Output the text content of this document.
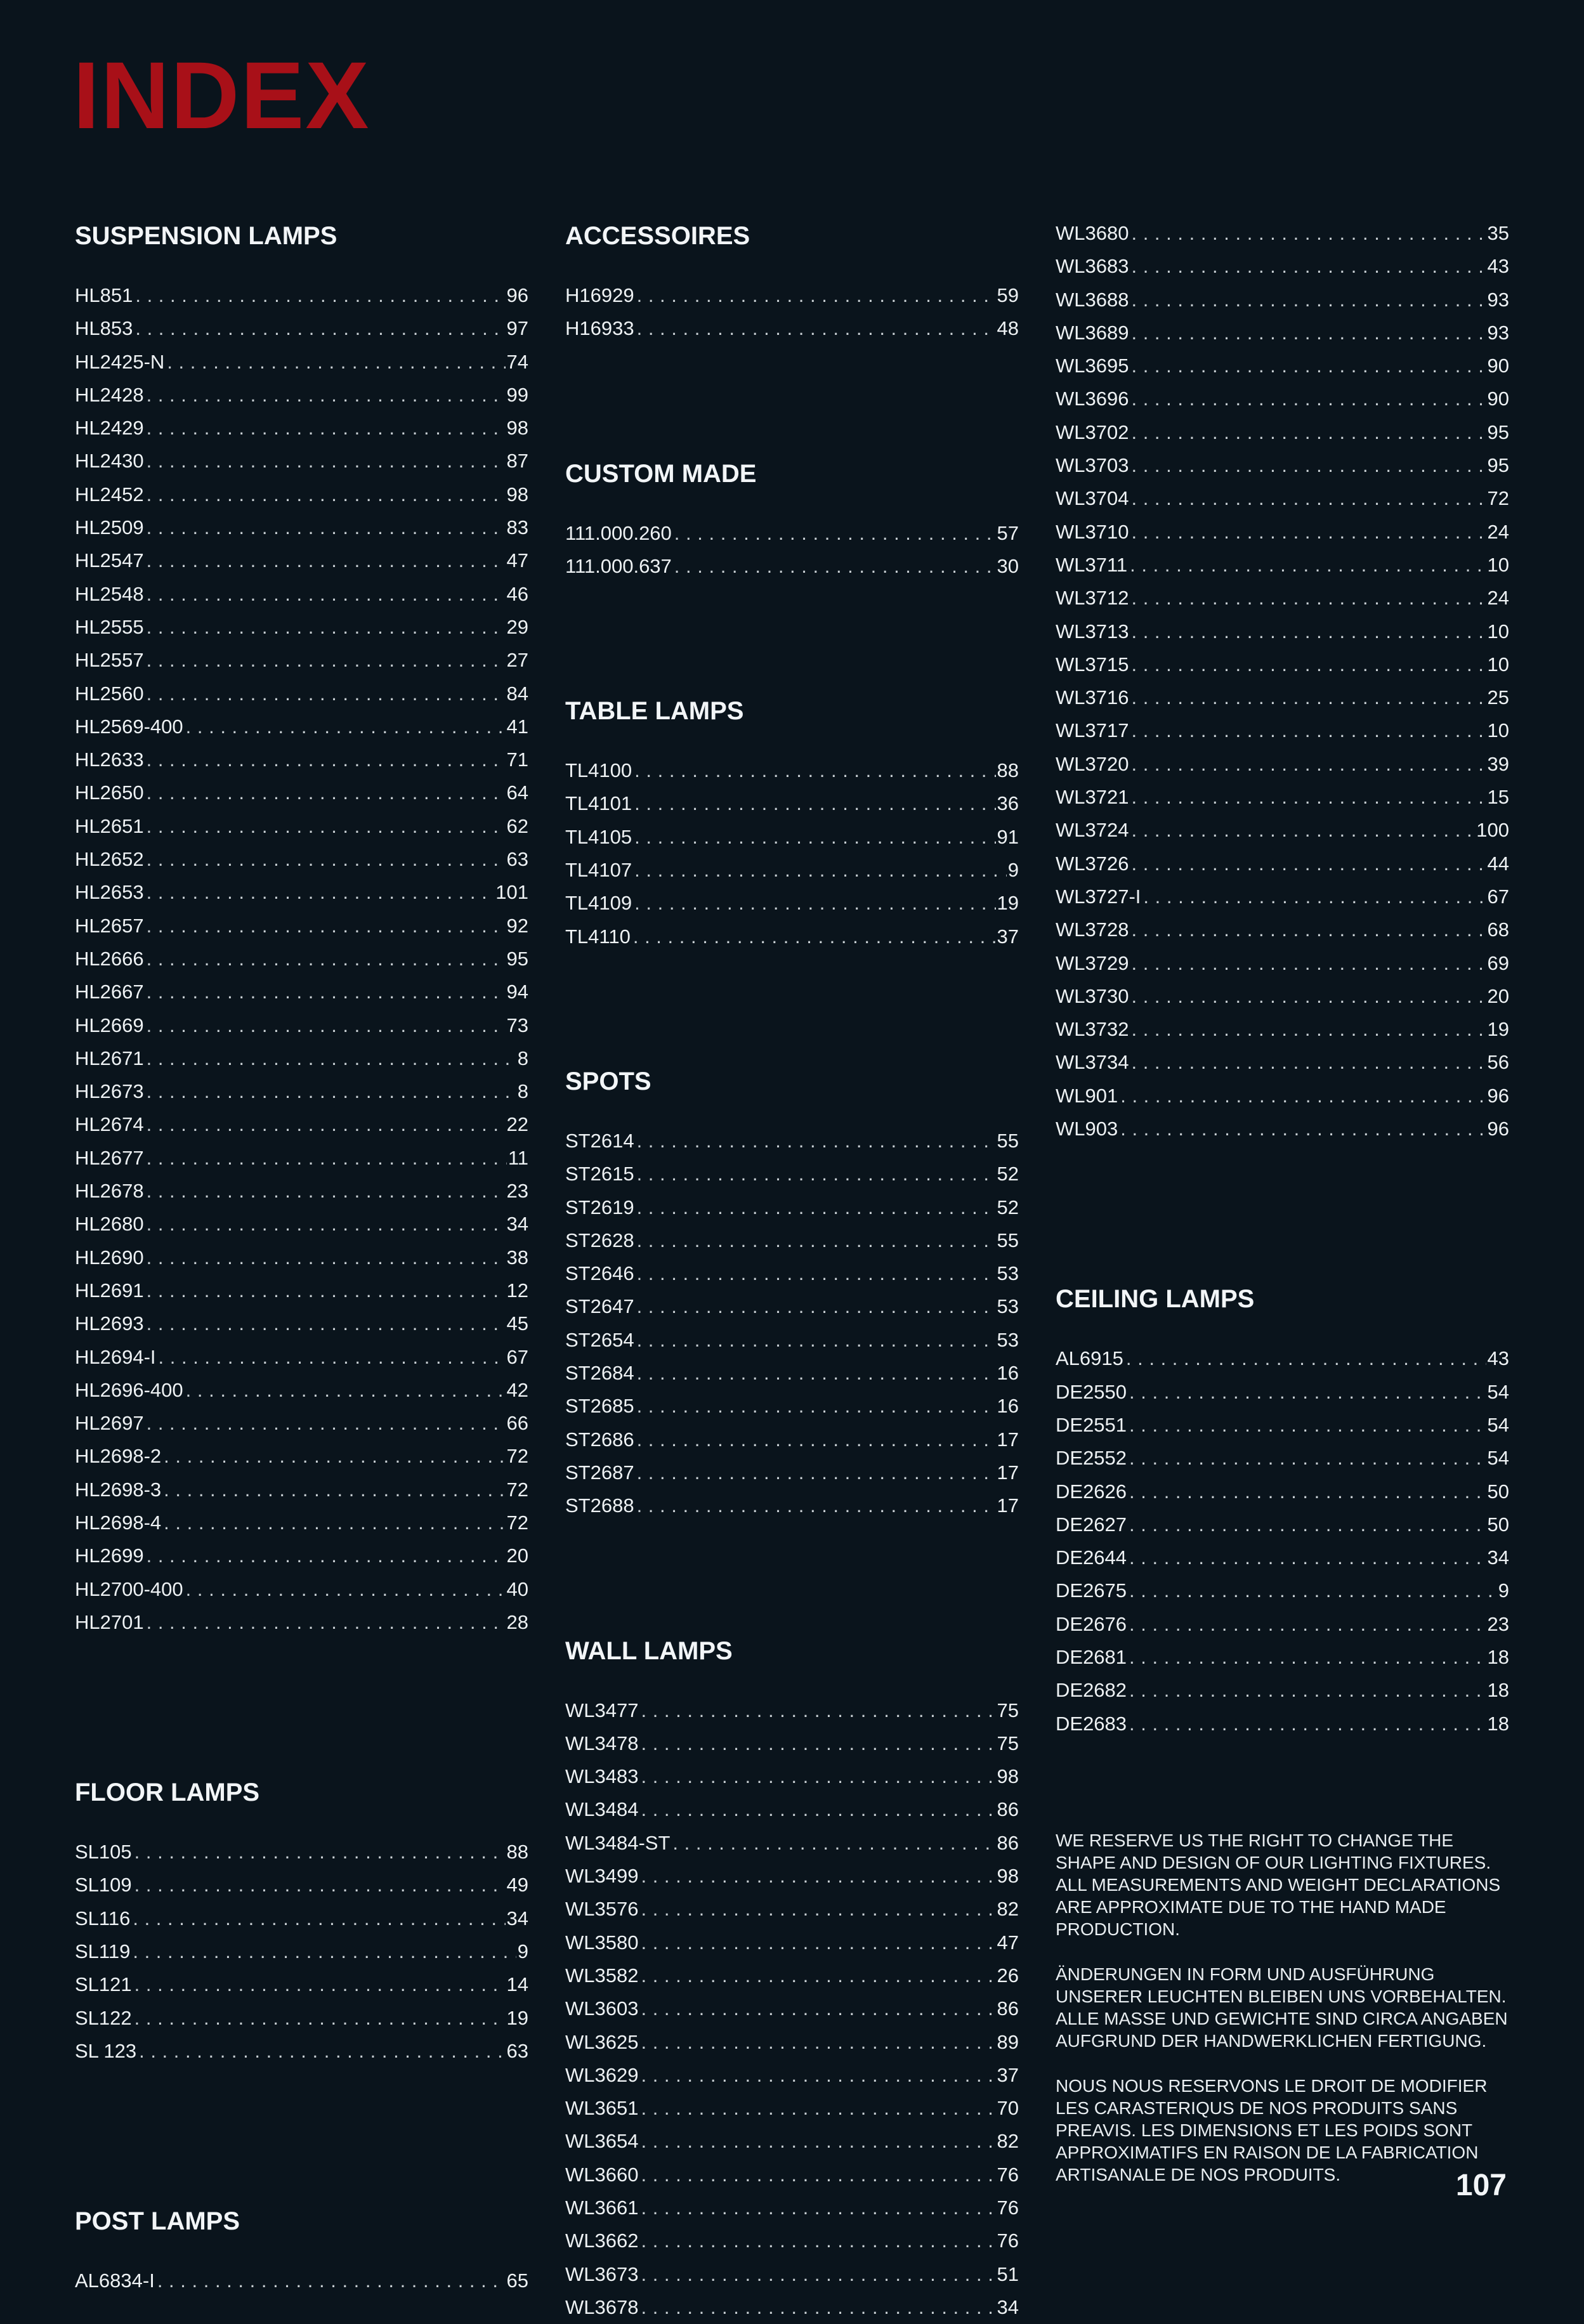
INDEX
SUSPENSION LAMPS
HL851 . . .	96
HL853 . . .	97
HL2425-N . . .	74
HL2428 . . .	99
HL2429 . . .	98
HL2430 . . .	87
HL2452 . . .	98
HL2509 . . .	83
HL2547 . . .	47
HL2548 . . .	46
HL2555 . . .	29
HL2557 . . .	27
HL2560 . . .	84
HL2569-400 . . .	41
HL2633 . . .	71
HL2650 . . .	64
HL2651 . . .	62
HL2652 . . .	63
HL2653 . . .	101
HL2657 . . .	92
HL2666 . . .	95
HL2667 . . .	94
HL2669 . . .	73
HL2671 . . .	8
HL2673 . . .	8
HL2674 . . .	22
HL2677 . . .	11
HL2678 . . .	23
HL2680 . . .	34
HL2690 . . .	38
HL2691 . . .	12
HL2693 . . .	45
HL2694-I . . .	67
HL2696-400 . . .	42
HL2697 . . .	66
HL2698-2 . . .	72
HL2698-3 . . .	72
HL2698-4 . . .	72
HL2699 . . .	20
HL2700-400 . . .	40
HL2701 . . .	28
FLOOR LAMPS
SL105 . . .	88
SL109 . . .	49
SL116 . . .	34
SL119 . . .	9
SL121 . . .	14
SL122 . . .	19
SL 123 . . .	63
POST LAMPS
AL6834-I . . .	65
ACCESSOIRES
H16929 . . .	59
H16933 . . .	48
CUSTOM MADE
111.000.260 . . .	57
111.000.637 . . .	30
TABLE LAMPS
TL4100 . . .	88
TL4101 . . .	36
TL4105 . . .	91
TL4107 . . .	9
TL4109 . . .	19
TL4110 . . .	37
SPOTS
ST2614 . . .	55
ST2615 . . .	52
ST2619 . . .	52
ST2628 . . .	55
ST2646 . . .	53
ST2647 . . .	53
ST2654 . . .	53
ST2684 . . .	16
ST2685 . . .	16
ST2686 . . .	17
ST2687 . . .	17
ST2688 . . .	17
WALL LAMPS
WL3477 . . .	75
WL3478 . . .	75
WL3483 . . .	98
WL3484 . . .	86
WL3484-ST . . .	86
WL3499 . . .	98
WL3576 . . .	82
WL3580 . . .	47
WL3582 . . .	26
WL3603 . . .	86
WL3625 . . .	89
WL3629 . . .	37
WL3651 . . .	70
WL3654 . . .	82
WL3660 . . .	76
WL3661 . . .	76
WL3662 . . .	76
WL3673 . . .	51
WL3678 . . .	34
WL3680 . . .	35
WL3683 . . .	43
WL3688 . . .	93
WL3689 . . .	93
WL3695 . . .	90
WL3696 . . .	90
WL3702 . . .	95
WL3703 . . .	95
WL3704 . . .	72
WL3710 . . .	24
WL3711 . . .	10
WL3712 . . .	24
WL3713 . . .	10
WL3715 . . .	10
WL3716 . . .	25
WL3717 . . .	10
WL3720 . . .	39
WL3721 . . .	15
WL3724 . . .	100
WL3726 . . .	44
WL3727-I . . .	67
WL3728 . . .	68
WL3729 . . .	69
WL3730 . . .	20
WL3732 . . .	19
WL3734 . . .	56
WL901 . . .	96
WL903 . . .	96
CEILING LAMPS
AL6915 . . .	43
DE2550 . . .	54
DE2551 . . .	54
DE2552 . . .	54
DE2626 . . .	50
DE2627 . . .	50
DE2644 . . .	34
DE2675 . . .	9
DE2676 . . .	23
DE2681 . . .	18
DE2682 . . .	18
DE2683 . . .	18

WE RESERVE US THE RIGHT TO CHANGE THE SHAPE AND DESIGN OF OUR LIGHTING FIXTURES. ALL MEASUREMENTS AND WEIGHT DECLARATIONS ARE APPROXIMATE DUE TO THE HAND MADE PRODUCTION.

ÄNDERUNGEN IN FORM UND AUSFÜHRUNG UNSERER LEUCHTEN BLEIBEN UNS VORBEHALTEN. ALLE MASSE UND GEWICHTE SIND CIRCA ANGABEN AUFGRUND DER HANDWERKLICHEN FERTIGUNG.

NOUS NOUS RESERVONS LE DROIT DE MODIFIER LES CARASTERIQUS DE NOS PRODUITS SANS PREAVIS. LES DIMENSIONS ET LES POIDS SONT APPROXIMATIFS EN RAISON DE LA FABRICATION ARTISANALE DE NOS PRODUITS.	107
